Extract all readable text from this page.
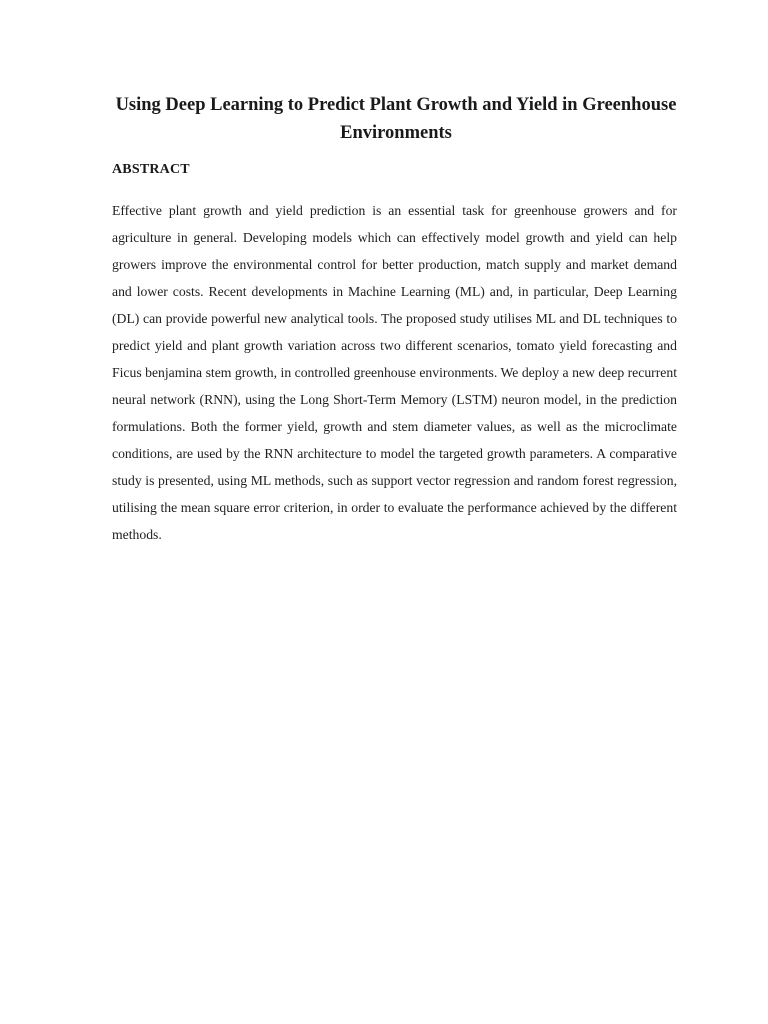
Using Deep Learning to Predict Plant Growth and Yield in Greenhouse Environments
ABSTRACT

Effective plant growth and yield prediction is an essential task for greenhouse growers and for agriculture in general. Developing models which can effectively model growth and yield can help growers improve the environmental control for better production, match supply and market demand and lower costs. Recent developments in Machine Learning (ML) and, in particular, Deep Learning (DL) can provide powerful new analytical tools. The proposed study utilises ML and DL techniques to predict yield and plant growth variation across two different scenarios, tomato yield forecasting and Ficus benjamina stem growth, in controlled greenhouse environments. We deploy a new deep recurrent neural network (RNN), using the Long Short-Term Memory (LSTM) neuron model, in the prediction formulations. Both the former yield, growth and stem diameter values, as well as the microclimate conditions, are used by the RNN architecture to model the targeted growth parameters. A comparative study is presented, using ML methods, such as support vector regression and random forest regression, utilising the mean square error criterion, in order to evaluate the performance achieved by the different methods.
